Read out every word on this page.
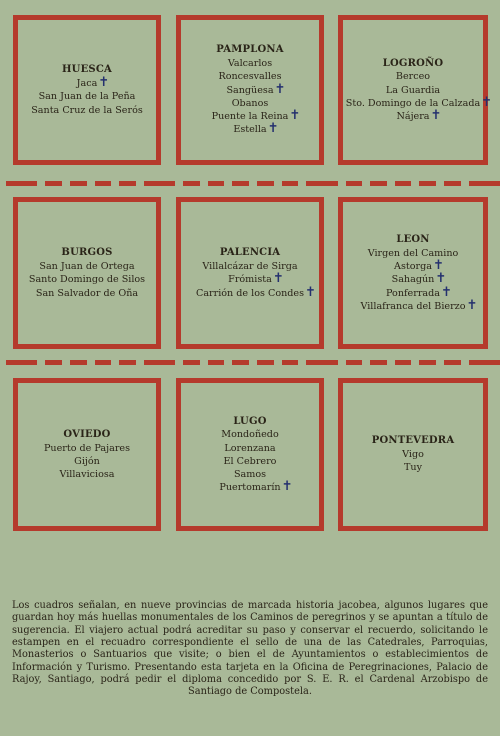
HUESCA
Jaca ✝
San Juan de la Peña
Santa Cruz de la Serós
PAMPLONA
Valcarlos
Roncesvalles
Sangüesa ✝
Obanos
Puente la Reina ✝
Estella ✝
LOGROÑO
Berceo
La Guardia
Sto. Domingo de la Calzada ✝
Nájera ✝
BURGOS
San Juan de Ortega
Santo Domingo de Silos
San Salvador de Oña
PALENCIA
Villalcázar de Sirga
Frómista ✝
Carrión de los Condes ✝
LEON
Virgen del Camino
Astorga ✝
Sahagún ✝
Ponferrada ✝
Villafranca del Bierzo ✝
OVIEDO
Puerto de Pajares
Gijón
Villaviciosa
LUGO
Mondoñedo
Lorenzana
El Cebrero
Samos
Puertomarín ✝
PONTEVEDRA
Vigo
Tuy
Los cuadros señalan, en nueve provincias de marcada historia jacobea, algunos lugares que guardan hoy más huellas monumentales de los Caminos de peregrinos y se apuntan a título de sugerencia. El viajero actual podrá acreditar su paso y conservar el recuerdo, solicitando le estampen en el recuadro correspondiente el sello de una de las Catedrales, Parroquias, Monasterios o Santuarios que visite; o bien el de Ayuntamientos o establecimientos de Información y Turismo. Presentando esta tarjeta en la Oficina de Peregrinaciones, Palacio de Rajoy, Santiago, podrá pedir el diploma concedido por S. E. R. el Cardenal Arzobispo de Santiago de Compostela.
